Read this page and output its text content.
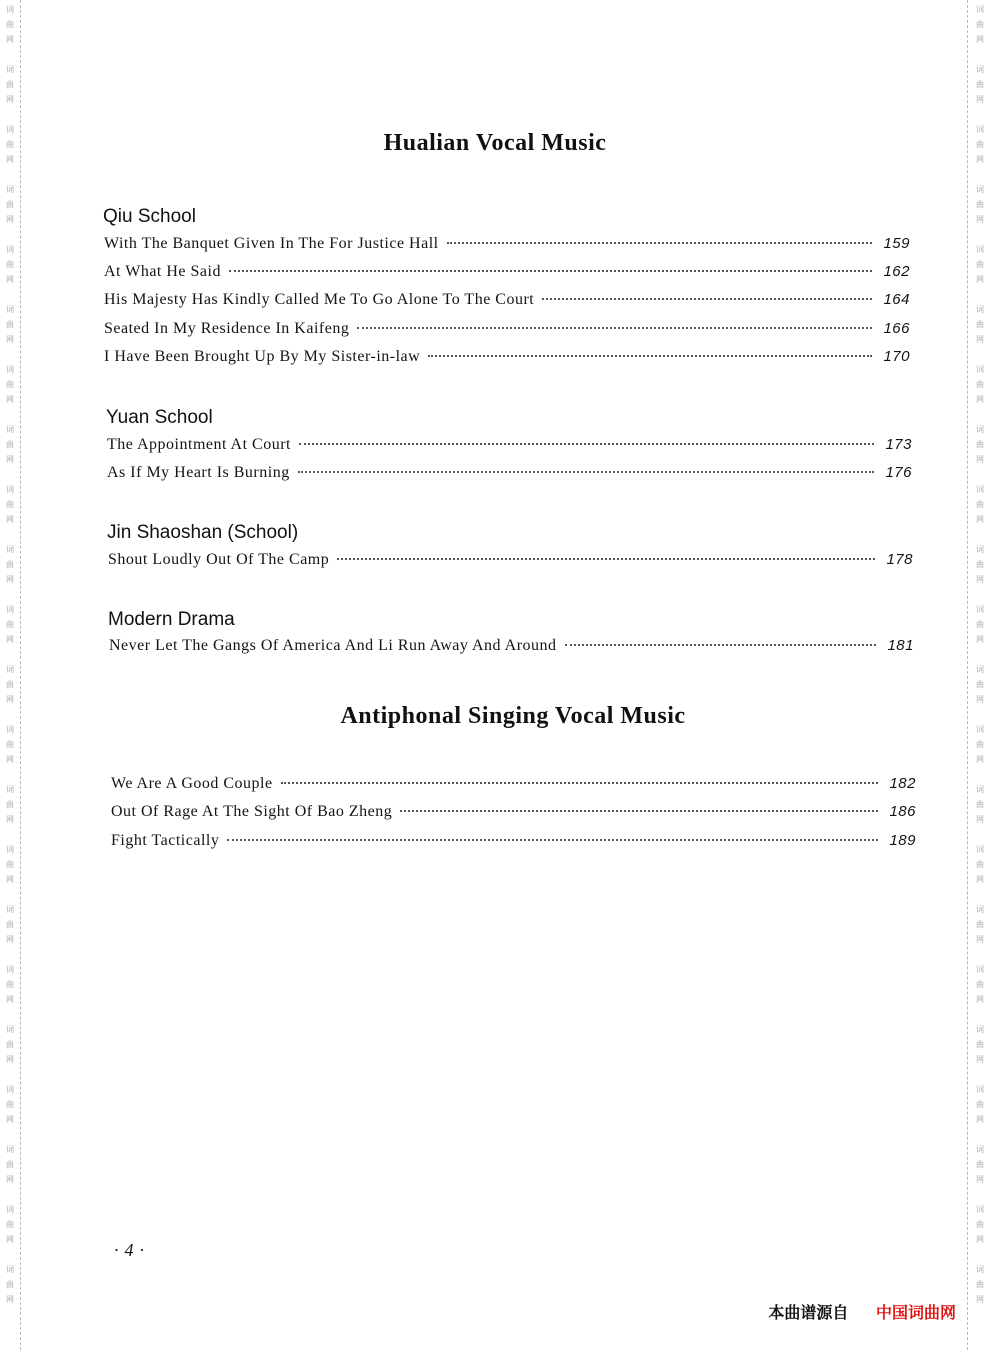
词
曲
网
词
曲
网
词
曲
网
词
曲
网
词
曲
网
词
曲
网
词
曲
网
词
曲
网
词
曲
网
词
曲
网
词
曲
网
词
曲
网
词
曲
网
词
曲
网
词
曲
网
词
曲
网
词
曲
网
词
曲
网
词
曲
网
词
曲
网
词
曲
网
词
曲
网
词
曲
网
词
曲
网
词
曲
网
词
曲
网
词
曲
网
词
曲
网
词
曲
网
词
曲
网
词
曲
网
词
曲
网
词
曲
网
词
曲
网
词
曲
网
词
曲
网
词
曲
网
词
曲
网
词
曲
网
词
曲
网
词
曲
网
词
曲
网
词
曲
网
词
曲
网
Hualian Vocal Music
Qiu School
With The Banquet Given In The For Justice Hall	159
At What He Said	162
His Majesty Has Kindly Called Me To Go Alone To The Court	164
Seated In My Residence In Kaifeng	166
I Have Been Brought Up By My Sister-in-law	170
Yuan School
The Appointment At Court	173
As If My Heart Is Burning	176
Jin Shaoshan (School)
Shout Loudly Out Of The Camp	178
Modern Drama
Never Let The Gangs Of America And Li Run Away And Around	181
Antiphonal Singing Vocal Music
We Are A Good Couple	182
Out Of Rage At The Sight Of Bao Zheng	186
Fight Tactically	189
·4·
本曲谱源自 中国词曲网
